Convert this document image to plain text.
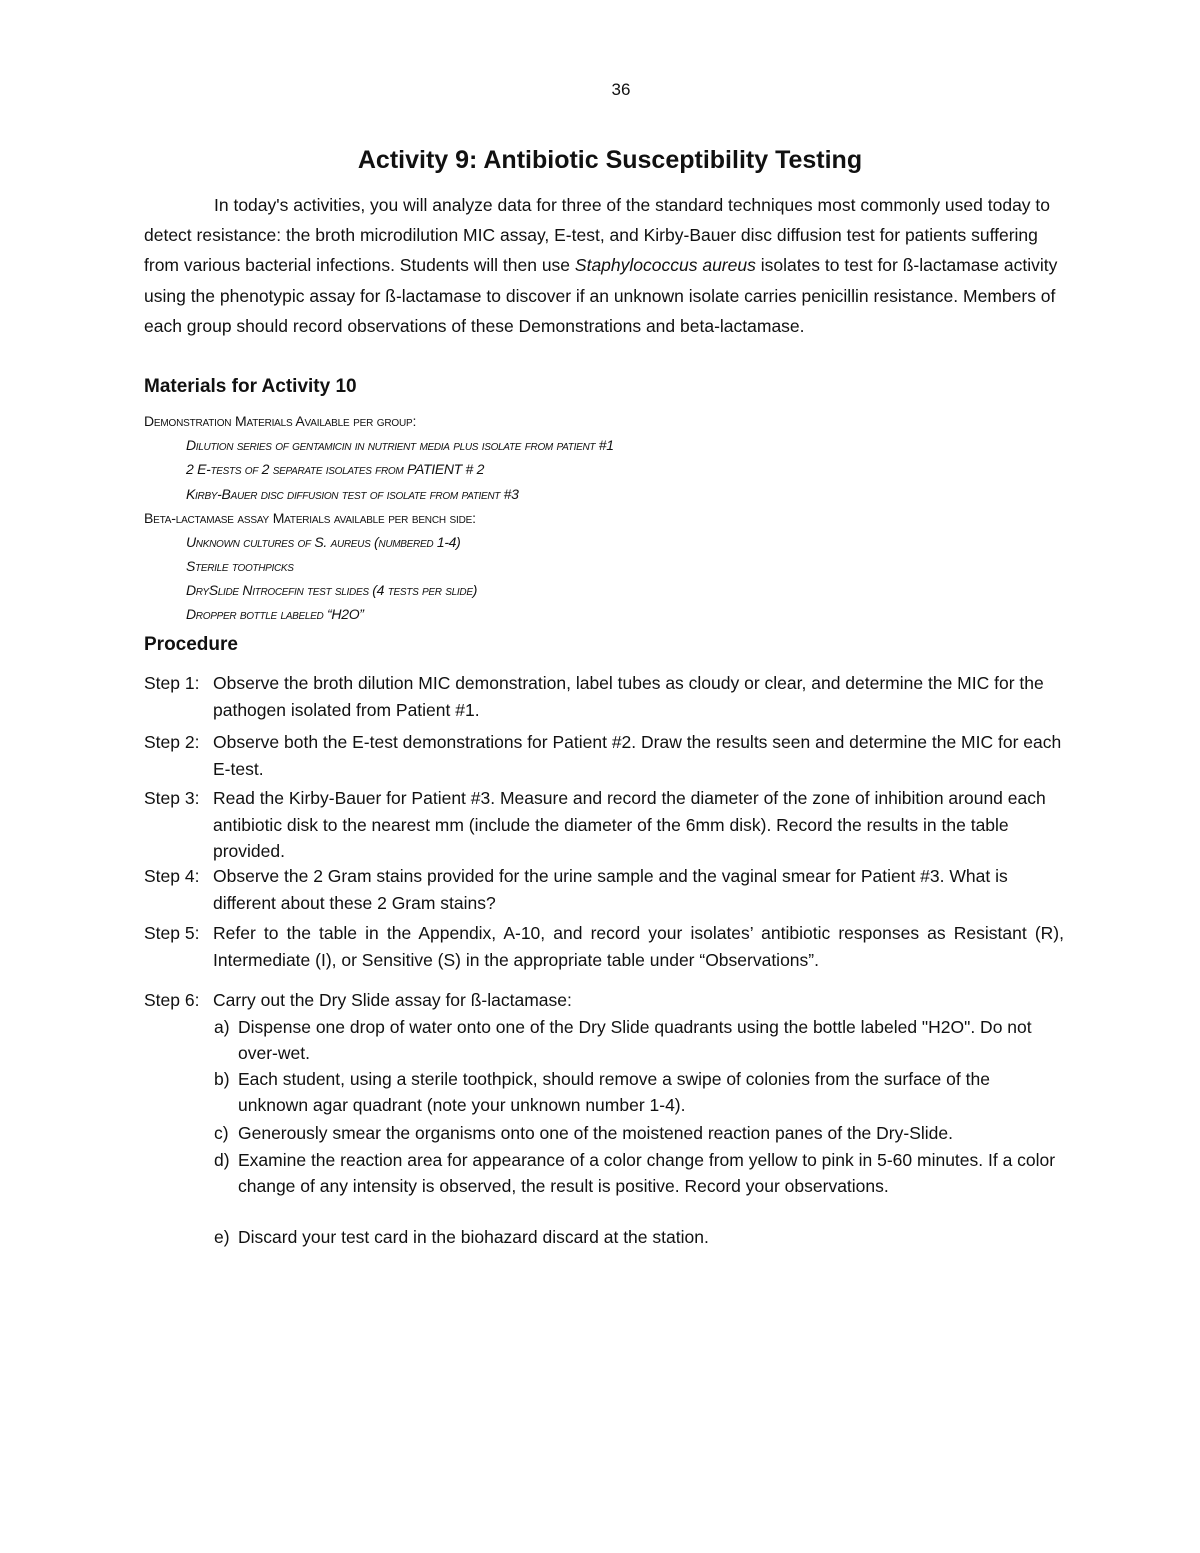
36
Activity 9: Antibiotic Susceptibility Testing

In today's activities, you will analyze data for three of the standard techniques most commonly used today to detect resistance: the broth microdilution MIC assay, E-test, and Kirby-Bauer disc diffusion test for patients suffering from various bacterial infections. Students will then use Staphylococcus aureus isolates to test for ß-lactamase activity using the phenotypic assay for ß-lactamase to discover if an unknown isolate carries penicillin resistance. Members of each group should record observations of these Demonstrations and beta-lactamase.

Materials for Activity 10
Demonstration Materials Available per group:
Dilution series of gentamicin in nutrient media plus isolate from patient #1
2 E-tests of 2 separate isolates from PATIENT # 2
Kirby-Bauer disc diffusion test of isolate from patient #3
Beta-lactamase assay Materials available per bench side:
Unknown cultures of S. aureus (numbered 1-4)
Sterile toothpicks
DrySlide Nitrocefin test slides (4 tests per slide)
Dropper bottle labeled “H2O”
Procedure
Step 1: Observe the broth dilution MIC demonstration, label tubes as cloudy or clear, and determine the MIC for the pathogen isolated from Patient #1.
Step 2: Observe both the E-test demonstrations for Patient #2. Draw the results seen and determine the MIC for each E-test.
Step 3: Read the Kirby-Bauer for Patient #3. Measure and record the diameter of the zone of inhibition around each antibiotic disk to the nearest mm (include the diameter of the 6mm disk). Record the results in the table provided.
Step 4: Observe the 2 Gram stains provided for the urine sample and the vaginal smear for Patient #3. What is different about these 2 Gram stains?
Step 5: Refer to the table in the Appendix, A-10, and record your isolates’ antibiotic responses as Resistant (R), Intermediate (I), or Sensitive (S) in the appropriate table under “Observations”.
Step 6: Carry out the Dry Slide assay for ß-lactamase:
a) Dispense one drop of water onto one of the Dry Slide quadrants using the bottle labeled "H2O". Do not over-wet.
b) Each student, using a sterile toothpick, should remove a swipe of colonies from the surface of the unknown agar quadrant (note your unknown number 1-4).
c) Generously smear the organisms onto one of the moistened reaction panes of the Dry-Slide.
d) Examine the reaction area for appearance of a color change from yellow to pink in 5-60 minutes. If a color change of any intensity is observed, the result is positive. Record your observations.
e) Discard your test card in the biohazard discard at the station.
